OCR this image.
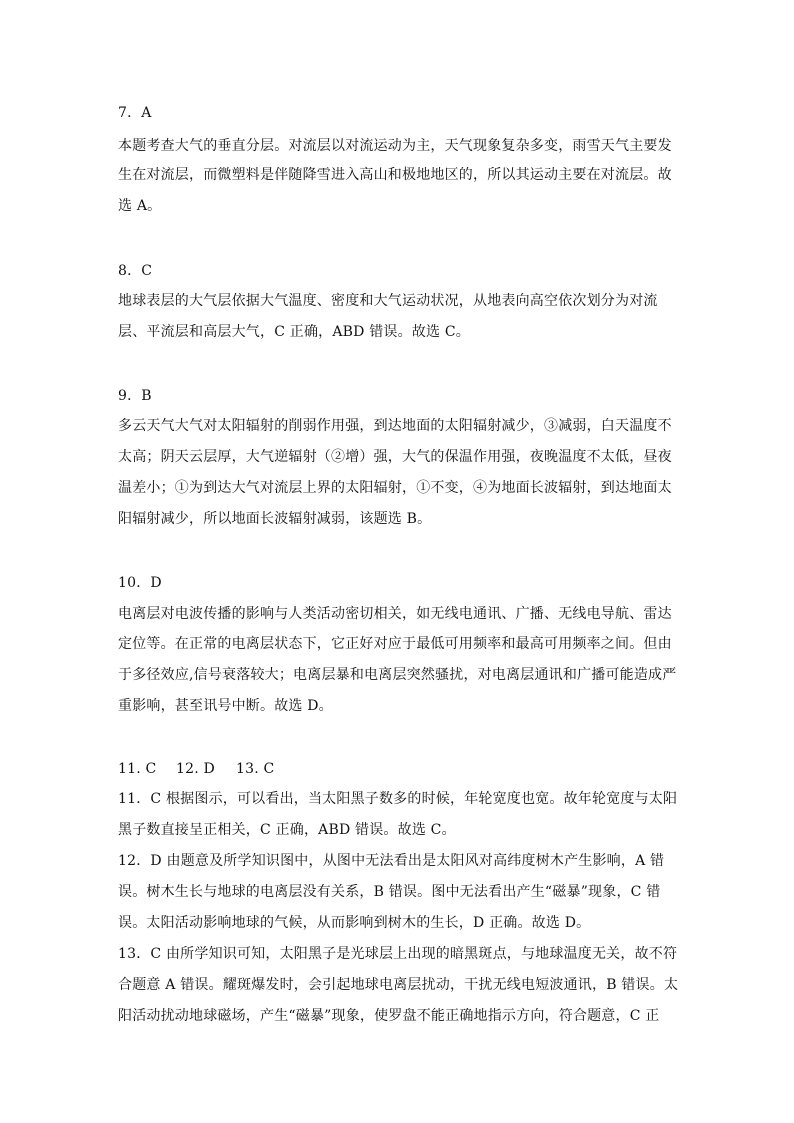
7．A
本题考查大气的垂直分层。对流层以对流运动为主，天气现象复杂多变，雨雪天气主要发
生在对流层，而微塑料是伴随降雪进入高山和极地地区的，所以其运动主要在对流层。故
选 A。
8．C
地球表层的大气层依据大气温度、密度和大气运动状况，从地表向高空依次划分为对流
层、平流层和高层大气，C 正确，ABD 错误。故选 C。
9．B
多云天气大气对太阳辐射的削弱作用强，到达地面的太阳辐射减少，③减弱，白天温度不
太高；阴天云层厚，大气逆辐射（②增）强，大气的保温作用强，夜晚温度不太低，昼夜
温差小；①为到达大气对流层上界的太阳辐射，①不变，④为地面长波辐射，到达地面太
阳辐射减少，所以地面长波辐射减弱，该题选 B。
10．D
电离层对电波传播的影响与人类活动密切相关，如无线电通讯、广播、无线电导航、雷达
定位等。在正常的电离层状态下，它正好对应于最低可用频率和最高可用频率之间。但由
于多径效应,信号衰落较大；电离层暴和电离层突然骚扰，对电离层通讯和广播可能造成严
重影响，甚至讯号中断。故选 D。
11. C 12. D 13. C
11．C 根据图示，可以看出，当太阳黑子数多的时候，年轮宽度也宽。故年轮宽度与太阳
黑子数直接呈正相关，C 正确，ABD 错误。故选 C。
12．D 由题意及所学知识图中，从图中无法看出是太阳风对高纬度树木产生影响，A 错
误。树木生长与地球的电离层没有关系，B 错误。图中无法看出产生“磁暴”现象，C 错
误。太阳活动影响地球的气候，从而影响到树木的生长，D 正确。故选 D。
13．C 由所学知识可知，太阳黑子是光球层上出现的暗黑斑点，与地球温度无关，故不符
合题意 A 错误。耀斑爆发时，会引起地球电离层扰动，干扰无线电短波通讯，B 错误。太
阳活动扰动地球磁场，产生“磁暴”现象，使罗盘不能正确地指示方向，符合题意，C 正
